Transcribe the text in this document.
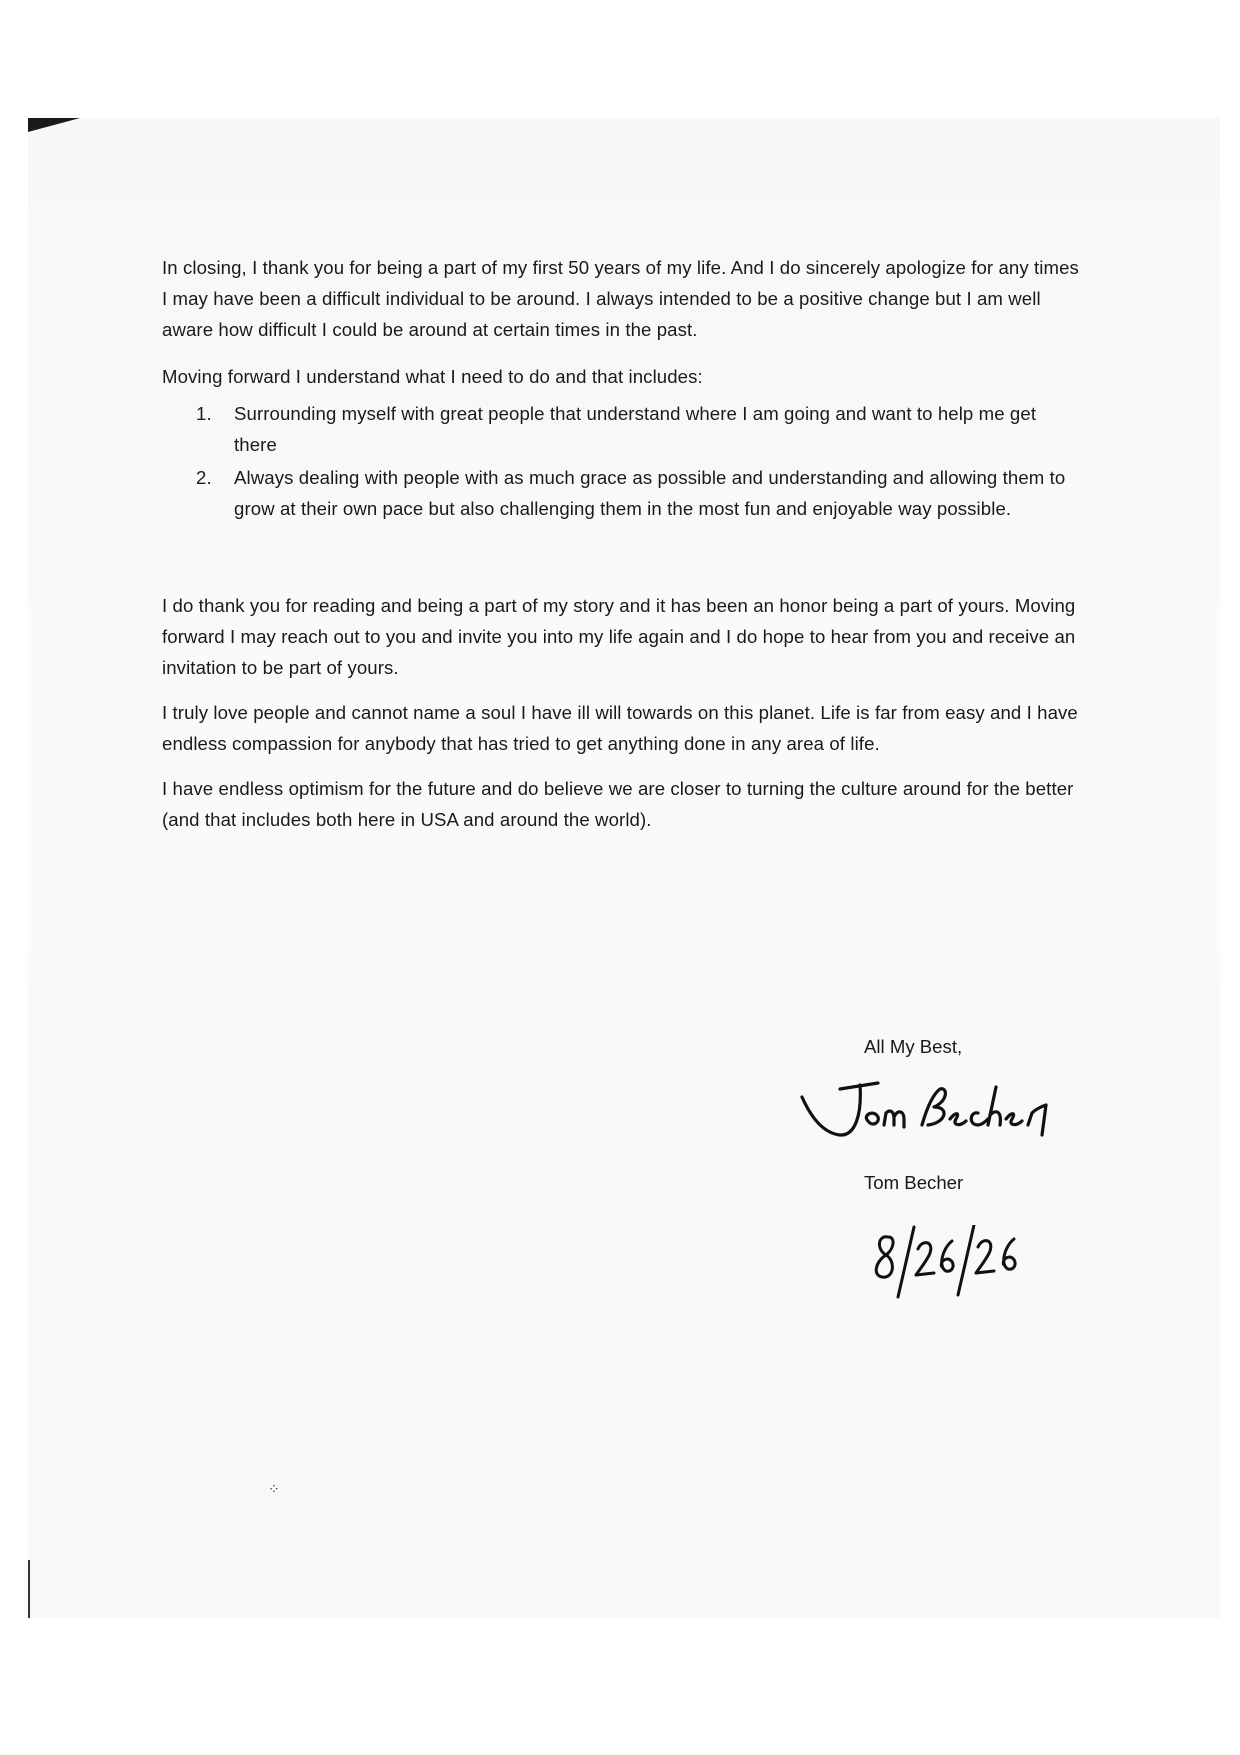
⁘

In closing, I thank you for being a part of my first 50 years of my life. And I do sincerely apologize for any times I may have been a difficult individual to be around. I always intended to be a positive change but I am well aware how difficult I could be around at certain times in the past.

Moving forward I understand what I need to do and that includes:

1. Surrounding myself with great people that understand where I am going and want to help me get there
2. Always dealing with people with as much grace as possible and understanding and allowing them to grow at their own pace but also challenging them in the most fun and enjoyable way possible.

I do thank you for reading and being a part of my story and it has been an honor being a part of yours. Moving forward I may reach out to you and invite you into my life again and I do hope to hear from you and receive an invitation to be part of yours.

I truly love people and cannot name a soul I have ill will towards on this planet. Life is far from easy and I have endless compassion for anybody that has tried to get anything done in any area of life.

I have endless optimism for the future and do believe we are closer to turning the culture around for the better (and that includes both here in USA and around the world).

All My Best,
Tom Becher
